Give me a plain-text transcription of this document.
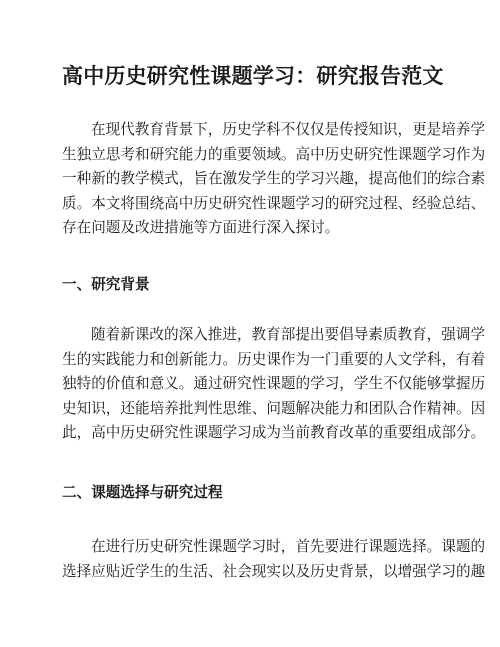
高中历史研究性课题学习：研究报告范文

在现代教育背景下，历史学科不仅仅是传授知识，更是培养学
生独立思考和研究能力的重要领域。高中历史研究性课题学习作为
一种新的教学模式，旨在激发学生的学习兴趣，提高他们的综合素
质。本文将围绕高中历史研究性课题学习的研究过程、经验总结、
存在问题及改进措施等方面进行深入探讨。

一、研究背景

随着新课改的深入推进，教育部提出要倡导素质教育，强调学
生的实践能力和创新能力。历史课作为一门重要的人文学科，有着
独特的价值和意义。通过研究性课题的学习，学生不仅能够掌握历
史知识，还能培养批判性思维、问题解决能力和团队合作精神。因
此，高中历史研究性课题学习成为当前教育改革的重要组成部分。

二、课题选择与研究过程

在进行历史研究性课题学习时，首先要进行课题选择。课题的
选择应贴近学生的生活、社会现实以及历史背景，以增强学习的趣
